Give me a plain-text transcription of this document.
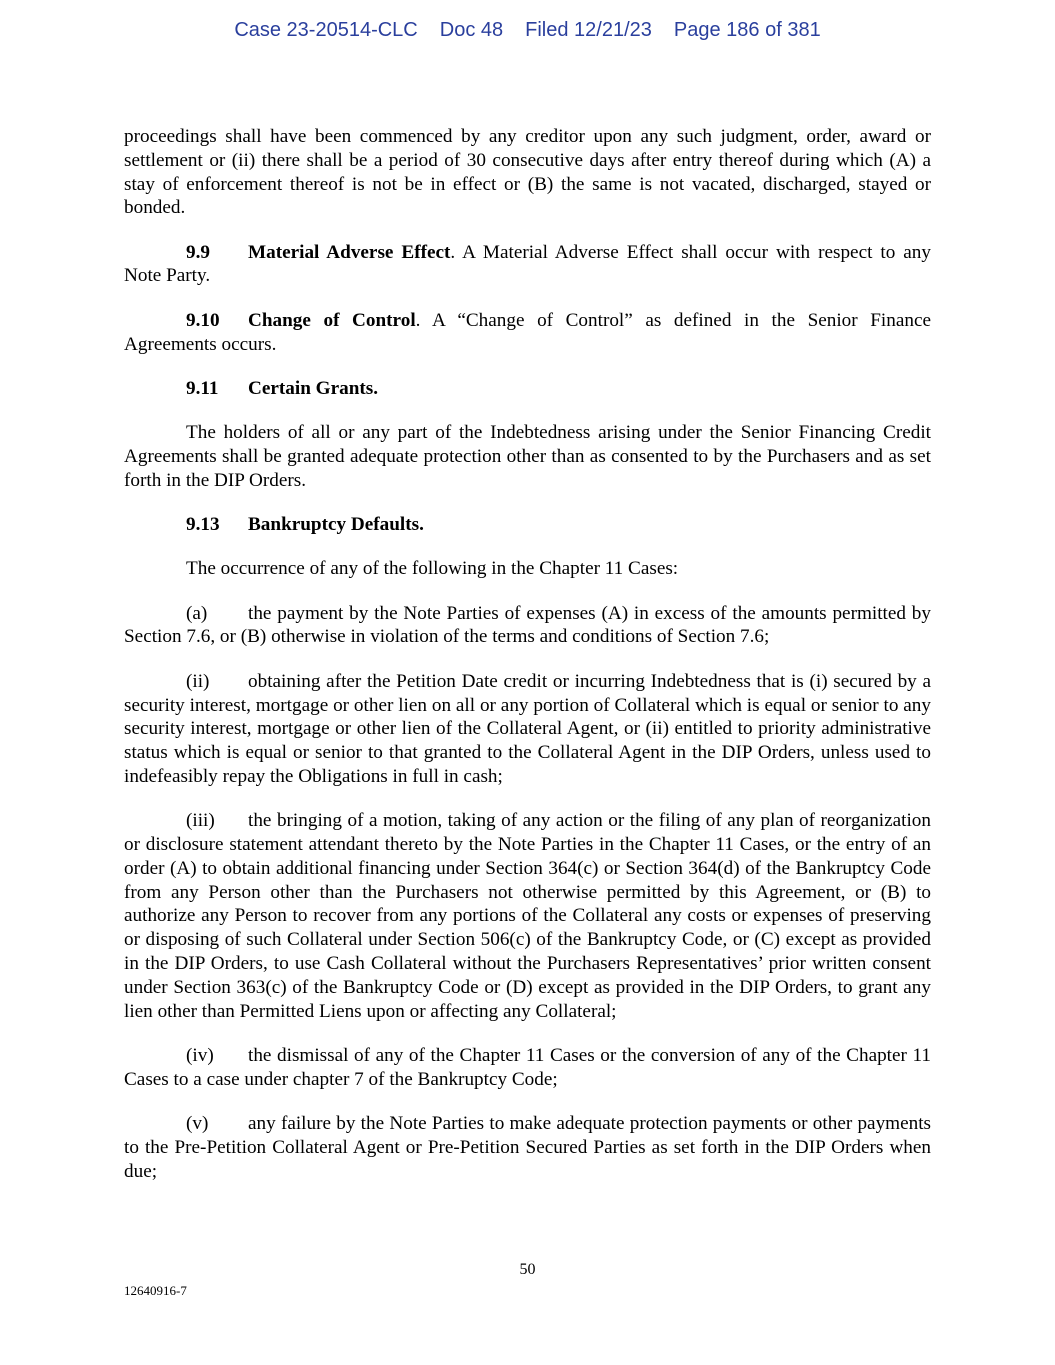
Case 23-20514-CLC Doc 48 Filed 12/21/23 Page 186 of 381

proceedings shall have been commenced by any creditor upon any such judgment, order, award or settlement or (ii) there shall be a period of 30 consecutive days after entry thereof during which (A) a stay of enforcement thereof is not be in effect or (B) the same is not vacated, discharged, stayed or bonded.

9.9 Material Adverse Effect. A Material Adverse Effect shall occur with respect to any Note Party.

9.10 Change of Control. A “Change of Control” as defined in the Senior Finance Agreements occurs.

9.11 Certain Grants.

The holders of all or any part of the Indebtedness arising under the Senior Financing Credit Agreements shall be granted adequate protection other than as consented to by the Purchasers and as set forth in the DIP Orders.

9.13 Bankruptcy Defaults.

The occurrence of any of the following in the Chapter 11 Cases:

(a) the payment by the Note Parties of expenses (A) in excess of the amounts permitted by Section 7.6, or (B) otherwise in violation of the terms and conditions of Section 7.6;

(ii) obtaining after the Petition Date credit or incurring Indebtedness that is (i) secured by a security interest, mortgage or other lien on all or any portion of Collateral which is equal or senior to any security interest, mortgage or other lien of the Collateral Agent, or (ii) entitled to priority administrative status which is equal or senior to that granted to the Collateral Agent in the DIP Orders, unless used to indefeasibly repay the Obligations in full in cash;

(iii) the bringing of a motion, taking of any action or the filing of any plan of reorganization or disclosure statement attendant thereto by the Note Parties in the Chapter 11 Cases, or the entry of an order (A) to obtain additional financing under Section 364(c) or Section 364(d) of the Bankruptcy Code from any Person other than the Purchasers not otherwise permitted by this Agreement, or (B) to authorize any Person to recover from any portions of the Collateral any costs or expenses of preserving or disposing of such Collateral under Section 506(c) of the Bankruptcy Code, or (C) except as provided in the DIP Orders, to use Cash Collateral without the Purchasers Representatives’ prior written consent under Section 363(c) of the Bankruptcy Code or (D) except as provided in the DIP Orders, to grant any lien other than Permitted Liens upon or affecting any Collateral;

(iv) the dismissal of any of the Chapter 11 Cases or the conversion of any of the Chapter 11 Cases to a case under chapter 7 of the Bankruptcy Code;

(v) any failure by the Note Parties to make adequate protection payments or other payments to the Pre-Petition Collateral Agent or Pre-Petition Secured Parties as set forth in the DIP Orders when due;

50
12640916-7
